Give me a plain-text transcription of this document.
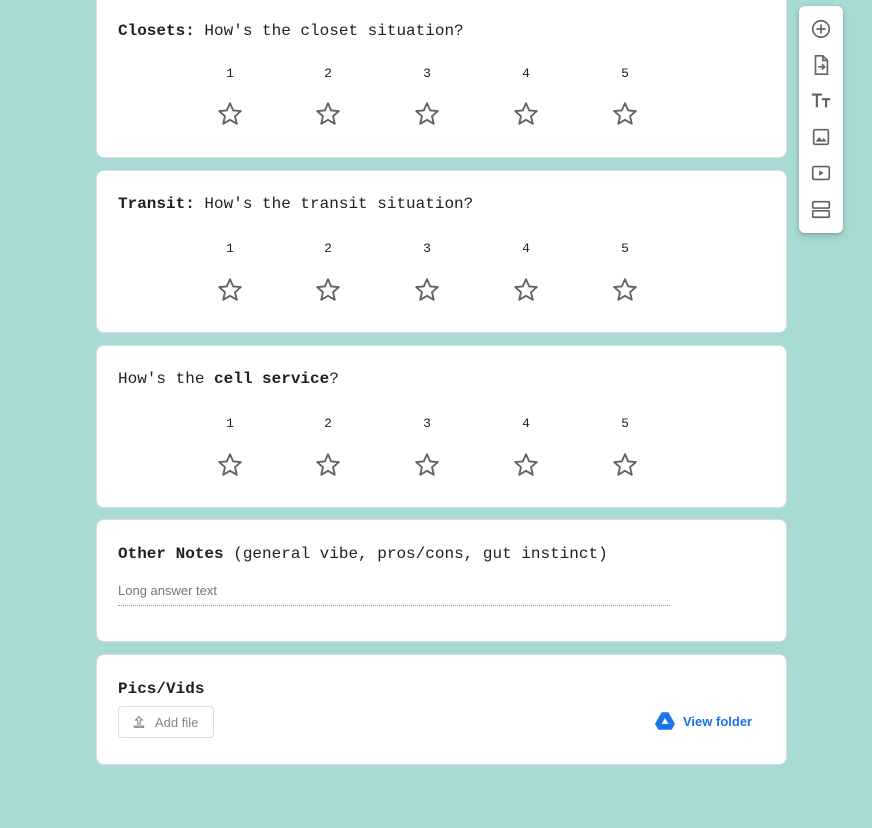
Closets: How's the closet situation?
1	2	3	4	5
Transit: How's the transit situation?
1	2	3	4	5
How's the cell service?
1	2	3	4	5
Other Notes (general vibe, pros/cons, gut instinct)
Long answer text
Pics/Vids
Add file	View folder
